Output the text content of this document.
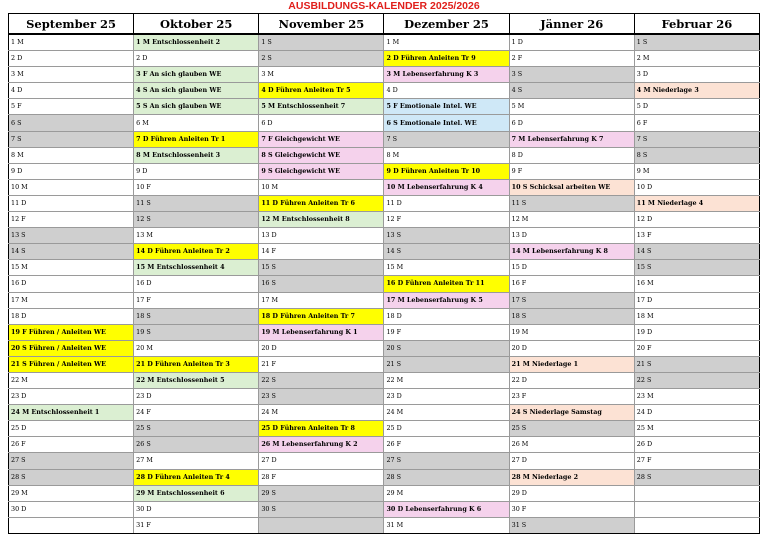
AUSBILDUNGS-KALENDER 2025/2026
September 25	Oktober 25	November 25	Dezember 25	Jänner 26	Februar 26
1 M	1 M Entschlossenheit 2	1 S	1 M	1 D	1 S
2 D	2 D	2 S	2 D Führen Anleiten Tr 9	2 F	2 M
3 M	3 F An sich glauben WE	3 M	3 M Lebenserfahrung K 3	3 S	3 D
4 D	4 S An sich glauben WE	4 D Führen Anleiten Tr 5	4 D	4 S	4 M Niederlage 3
5 F	5 S An sich glauben WE	5 M Entschlossenheit 7	5 F Emotionale Intel. WE	5 M	5 D
6 S	6 M	6 D	6 S Emotionale Intel. WE	6 D	6 F
7 S	7 D Führen Anleiten Tr 1	7 F Gleichgewicht WE	7 S	7 M Lebenserfahrung K 7	7 S
8 M	8 M Entschlossenheit 3	8 S Gleichgewicht WE	8 M	8 D	8 S
9 D	9 D	9 S Gleichgewicht WE	9 D Führen Anleiten Tr 10	9 F	9 M
10 M	10 F	10 M	10 M Lebenserfahrung K 4	10 S Schicksal arbeiten WE	10 D
11 D	11 S	11 D Führen Anleiten Tr 6	11 D	11 S	11 M Niederlage 4
12 F	12 S	12 M Entschlossenheit 8	12 F	12 M	12 D
13 S	13 M	13 D	13 S	13 D	13 F
14 S	14 D Führen Anleiten Tr 2	14 F	14 S	14 M Lebenserfahrung K 8	14 S
15 M	15 M Entschlossenheit 4	15 S	15 M	15 D	15 S
16 D	16 D	16 S	16 D Führen Anleiten Tr 11	16 F	16 M
17 M	17 F	17 M	17 M Lebenserfahrung K 5	17 S	17 D
18 D	18 S	18 D Führen Anleiten Tr 7	18 D	18 S	18 M
19 F Führen / Anleiten WE	19 S	19 M Lebenserfahrung K 1	19 F	19 M	19 D
20 S Führen / Anleiten WE	20 M	20 D	20 S	20 D	20 F
21 S Führen / Anleiten WE	21 D Führen Anleiten Tr 3	21 F	21 S	21 M Niederlage 1	21 S
22 M	22 M Entschlossenheit 5	22 S	22 M	22 D	22 S
23 D	23 D	23 S	23 D	23 F	23 M
24 M Entschlossenheit 1	24 F	24 M	24 M	24 S Niederlage Samstag	24 D
25 D	25 S	25 D Führen Anleiten Tr 8	25 D	25 S	25 M
26 F	26 S	26 M Lebenserfahrung K 2	26 F	26 M	26 D
27 S	27 M	27 D	27 S	27 D	27 F
28 S	28 D Führen Anleiten Tr 4	28 F	28 S	28 M Niederlage 2	28 S
29 M	29 M Entschlossenheit 6	29 S	29 M	29 D	
30 D	30 D	30 S	30 D Lebenserfahrung K 6	30 F	
	31 F		31 M	31 S	
